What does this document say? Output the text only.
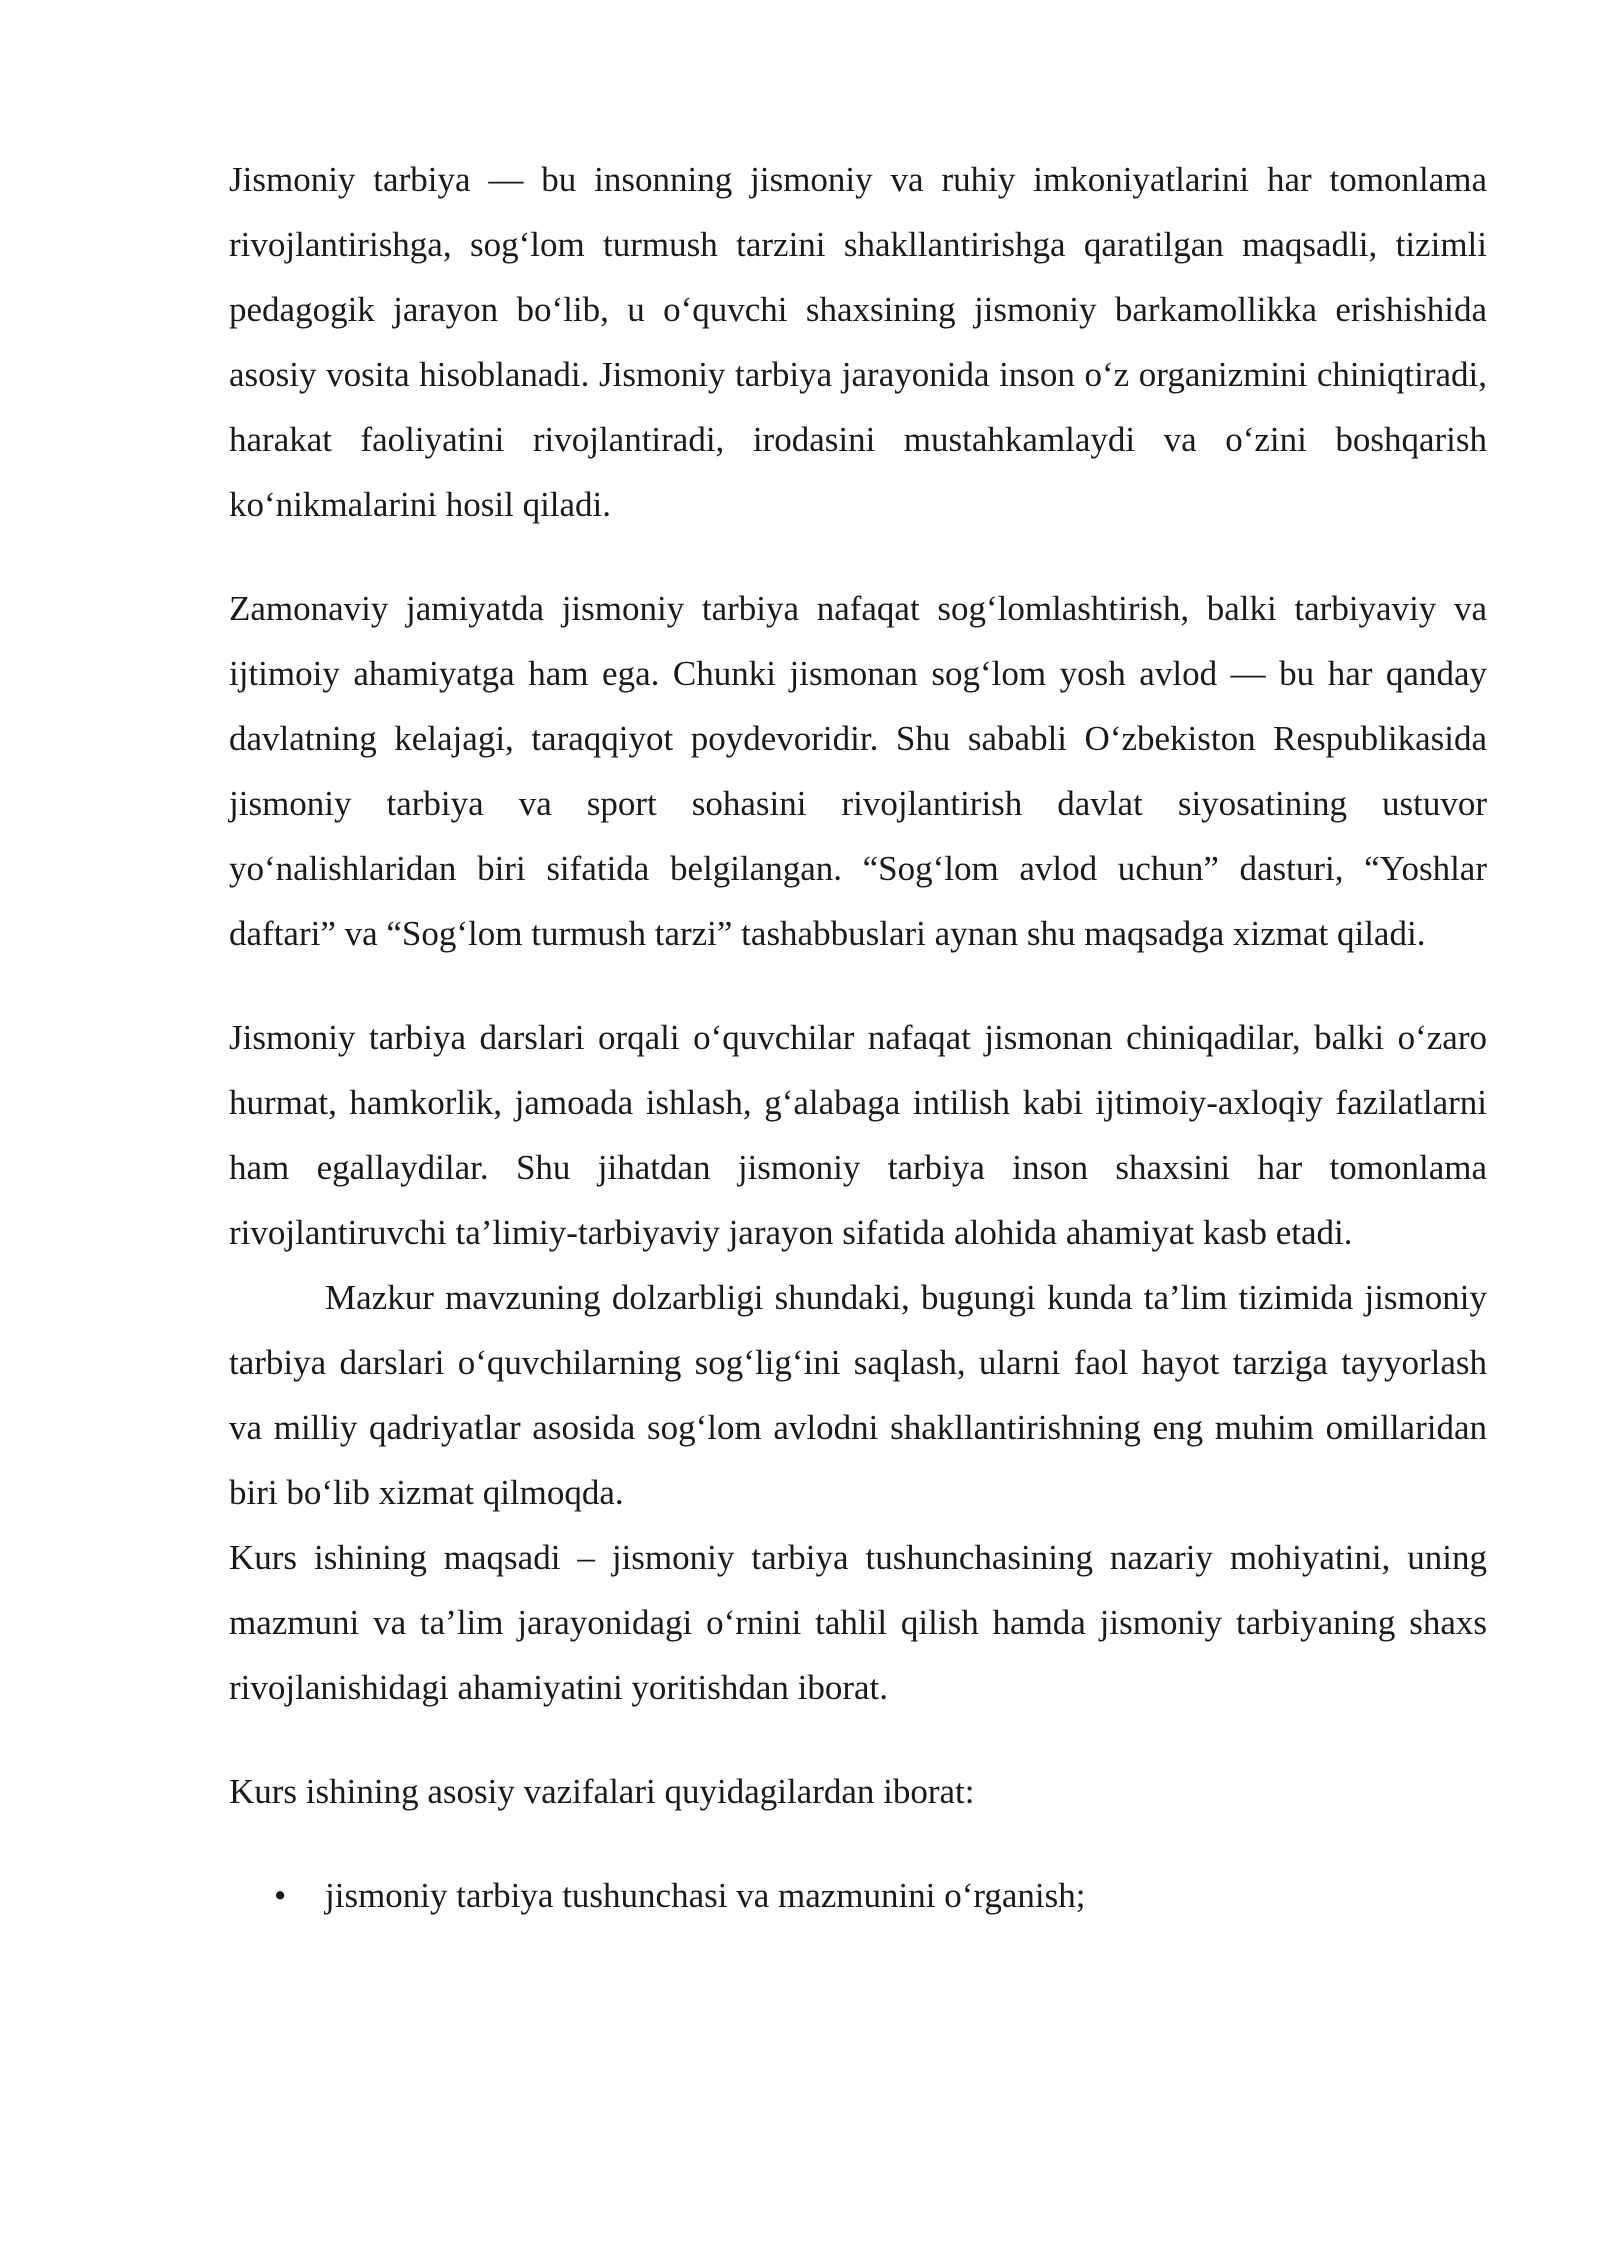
Jismoniy tarbiya — bu insonning jismoniy va ruhiy imkoniyatlarini har tomonlama rivojlantirishga, sog‘lom turmush tarzini shakllantirishga qaratilgan maqsadli, tizimli pedagogik jarayon bo‘lib, u o‘quvchi shaxsining jismoniy barkamollikka erishishida asosiy vosita hisoblanadi. Jismoniy tarbiya jarayonida inson o‘z organizmini chiniqtiradi, harakat faoliyatini rivojlantiradi, irodasini mustahkamlaydi va o‘zini boshqarish ko‘nikmalarini hosil qiladi.

Zamonaviy jamiyatda jismoniy tarbiya nafaqat sog‘lomlashtirish, balki tarbiyaviy va ijtimoiy ahamiyatga ham ega. Chunki jismonan sog‘lom yosh avlod — bu har qanday davlatning kelajagi, taraqqiyot poydevoridir. Shu sababli O‘zbekiston Respublikasida jismoniy tarbiya va sport sohasini rivojlantirish davlat siyosatining ustuvor yo‘nalishlaridan biri sifatida belgilangan. “Sog‘lom avlod uchun” dasturi, “Yoshlar daftari” va “Sog‘lom turmush tarzi” tashabbuslari aynan shu maqsadga xizmat qiladi.

Jismoniy tarbiya darslari orqali o‘quvchilar nafaqat jismonan chiniqadilar, balki o‘zaro hurmat, hamkorlik, jamoada ishlash, g‘alabaga intilish kabi ijtimoiy-axloqiy fazilatlarni ham egallaydilar. Shu jihatdan jismoniy tarbiya inson shaxsini har tomonlama rivojlantiruvchi ta’limiy-tarbiyaviy jarayon sifatida alohida ahamiyat kasb etadi.

Mazkur mavzuning dolzarbligi shundaki, bugungi kunda ta’lim tizimida jismoniy tarbiya darslari o‘quvchilarning sog‘lig‘ini saqlash, ularni faol hayot tarziga tayyorlash va milliy qadriyatlar asosida sog‘lom avlodni shakllantirishning eng muhim omillaridan biri bo‘lib xizmat qilmoqda.

Kurs ishining maqsadi – jismoniy tarbiya tushunchasining nazariy mohiyatini, uning mazmuni va ta’lim jarayonidagi o‘rnini tahlil qilish hamda jismoniy tarbiyaning shaxs rivojlanishidagi ahamiyatini yoritishdan iborat.

Kurs ishining asosiy vazifalari quyidagilardan iborat:

• jismoniy tarbiya tushunchasi va mazmunini o‘rganish;
